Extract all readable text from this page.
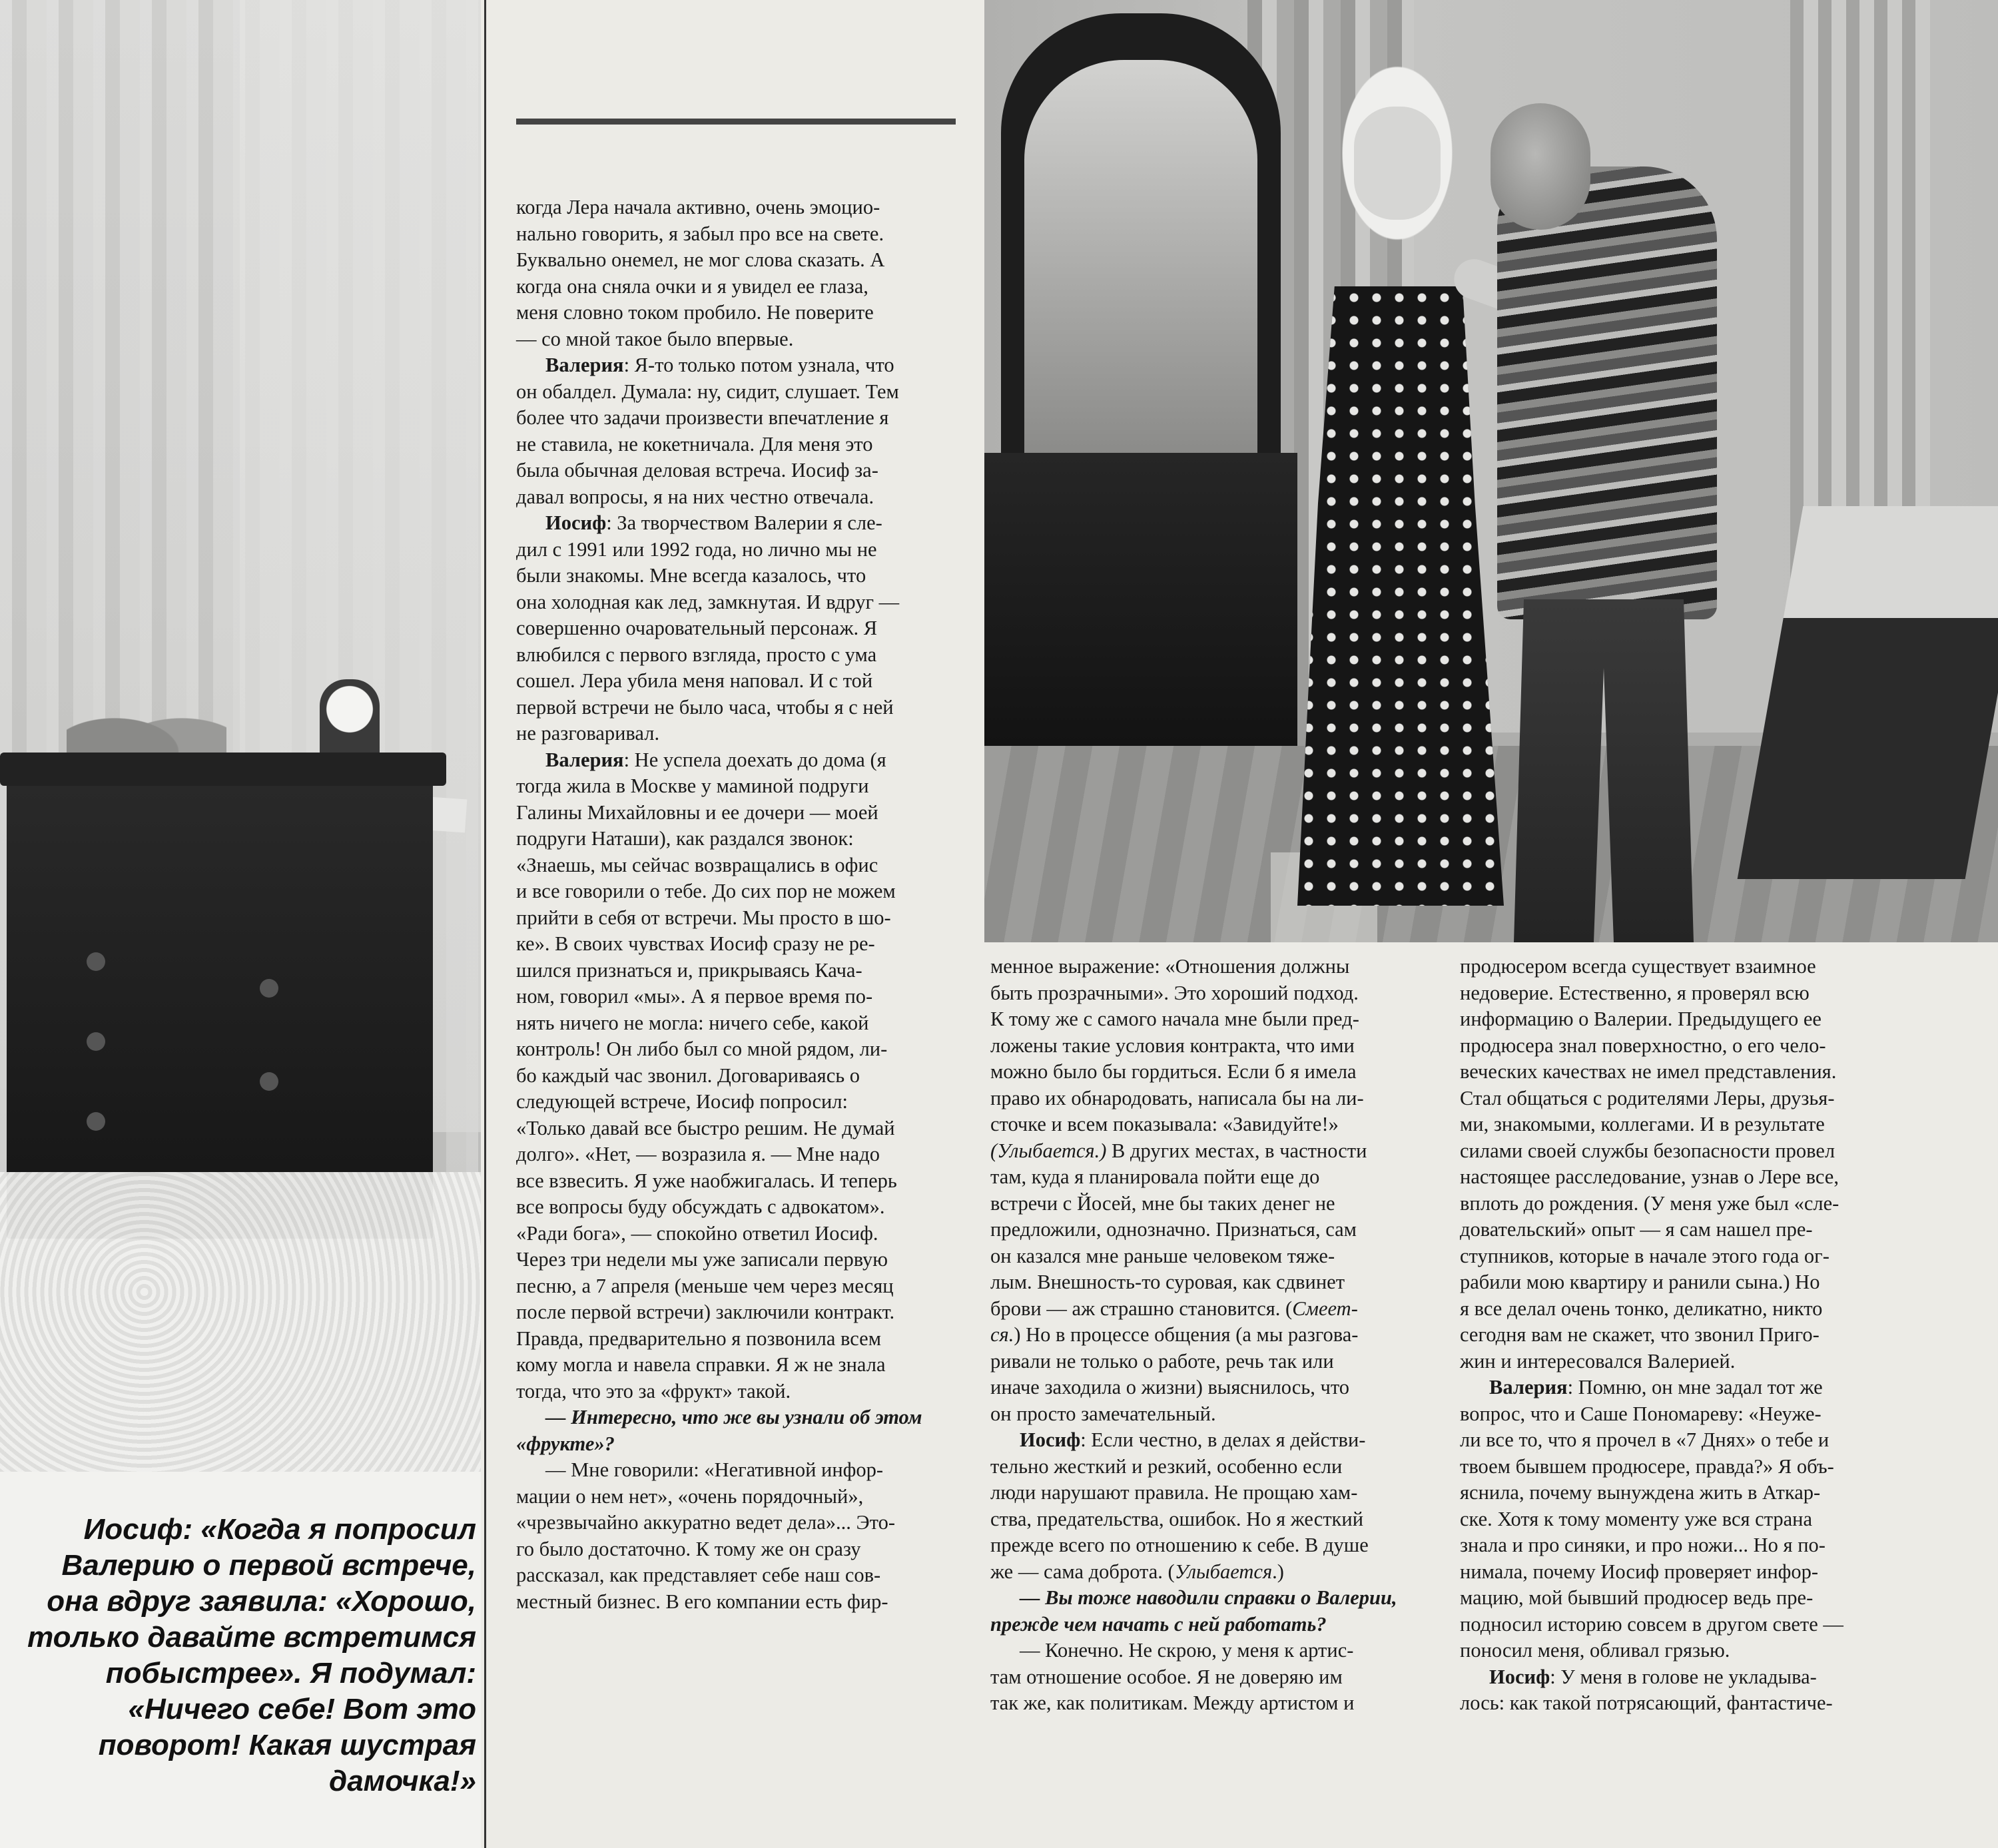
Иосиф: «Когда я попросил
Валерию о первой встрече,
она вдруг заявила: «Хорошо,
только давайте встретимся
побыстрее». Я подумал:
«Ничего себе! Вот это
поворот! Какая шустрая
дамочка!»
когда Лера начала активно, очень эмоцио-
нально говорить, я забыл про все на свете.
Буквально онемел, не мог слова сказать. А
когда она сняла очки и я увидел ее глаза,
меня словно током пробило. Не поверите
— со мной такое было впервые.
Валерия: Я-то только потом узнала, что
он обалдел. Думала: ну, сидит, слушает. Тем
более что задачи произвести впечатление я
не ставила, не кокетничала. Для меня это
была обычная деловая встреча. Иосиф за-
давал вопросы, я на них честно отвечала.
Иосиф: За творчеством Валерии я сле-
дил с 1991 или 1992 года, но лично мы не
были знакомы. Мне всегда казалось, что
она холодная как лед, замкнутая. И вдруг —
совершенно очаровательный персонаж. Я
влюбился с первого взгляда, просто с ума
сошел. Лера убила меня наповал. И с той
первой встречи не было часа, чтобы я с ней
не разговаривал.
Валерия: Не успела доехать до дома (я
тогда жила в Москве у маминой подруги
Галины Михайловны и ее дочери — моей
подруги Наташи), как раздался звонок:
«Знаешь, мы сейчас возвращались в офис
и все говорили о тебе. До сих пор не можем
прийти в себя от встречи. Мы просто в шо-
ке». В своих чувствах Иосиф сразу не ре-
шился признаться и, прикрываясь Кача-
ном, говорил «мы». А я первое время по-
нять ничего не могла: ничего себе, какой
контроль! Он либо был со мной рядом, ли-
бо каждый час звонил. Договариваясь о
следующей встрече, Иосиф попросил:
«Только давай все быстро решим. Не думай
долго». «Нет, — возразила я. — Мне надо
все взвесить. Я уже наобжигалась. И теперь
все вопросы буду обсуждать с адвокатом».
«Ради бога», — спокойно ответил Иосиф.
Через три недели мы уже записали первую
песню, а 7 апреля (меньше чем через месяц
после первой встречи) заключили контракт.
Правда, предварительно я позвонила всем
кому могла и навела справки. Я ж не знала
тогда, что это за «фрукт» такой.
— Интересно, что же вы узнали об этом
«фрукте»?
— Мне говорили: «Негативной инфор-
мации о нем нет», «очень порядочный»,
«чрезвычайно аккуратно ведет дела»... Это-
го было достаточно. К тому же он сразу
рассказал, как представляет себе наш сов-
местный бизнес. В его компании есть фир-
менное выражение: «Отношения должны
быть прозрачными». Это хороший подход.
К тому же с самого начала мне были пред-
ложены такие условия контракта, что ими
можно было бы гордиться. Если б я имела
право их обнародовать, написала бы на ли-
сточке и всем показывала: «Завидуйте!»
(Улыбается.) В других местах, в частности
там, куда я планировала пойти еще до
встречи с Йосей, мне бы таких денег не
предложили, однозначно. Признаться, сам
он казался мне раньше человеком тяже-
лым. Внешность-то суровая, как сдвинет
брови — аж страшно становится. (Смеет-
ся.) Но в процессе общения (а мы разгова-
ривали не только о работе, речь так или
иначе заходила о жизни) выяснилось, что
он просто замечательный.
Иосиф: Если честно, в делах я действи-
тельно жесткий и резкий, особенно если
люди нарушают правила. Не прощаю хам-
ства, предательства, ошибок. Но я жесткий
прежде всего по отношению к себе. В душе
же — сама доброта. (Улыбается.)
— Вы тоже наводили справки о Валерии,
прежде чем начать с ней работать?
— Конечно. Не скрою, у меня к артис-
там отношение особое. Я не доверяю им
так же, как политикам. Между артистом и
продюсером всегда существует взаимное
недоверие. Естественно, я проверял всю
информацию о Валерии. Предыдущего ее
продюсера знал поверхностно, о его чело-
веческих качествах не имел представления.
Стал общаться с родителями Леры, друзья-
ми, знакомыми, коллегами. И в результате
силами своей службы безопасности провел
настоящее расследование, узнав о Лере все,
вплоть до рождения. (У меня уже был «сле-
довательский» опыт — я сам нашел пре-
ступников, которые в начале этого года ог-
рабили мою квартиру и ранили сына.) Но
я все делал очень тонко, деликатно, никто
сегодня вам не скажет, что звонил Приго-
жин и интересовался Валерией.
Валерия: Помню, он мне задал тот же
вопрос, что и Саше Пономареву: «Неуже-
ли все то, что я прочел в «7 Днях» о тебе и
твоем бывшем продюсере, правда?» Я объ-
яснила, почему вынуждена жить в Аткар-
ске. Хотя к тому моменту уже вся страна
знала и про синяки, и про ножи... Но я по-
нимала, почему Иосиф проверяет инфор-
мацию, мой бывший продюсер ведь пре-
подносил историю совсем в другом свете —
поносил меня, обливал грязью.
Иосиф: У меня в голове не укладыва-
лось: как такой потрясающий, фантастиче-
